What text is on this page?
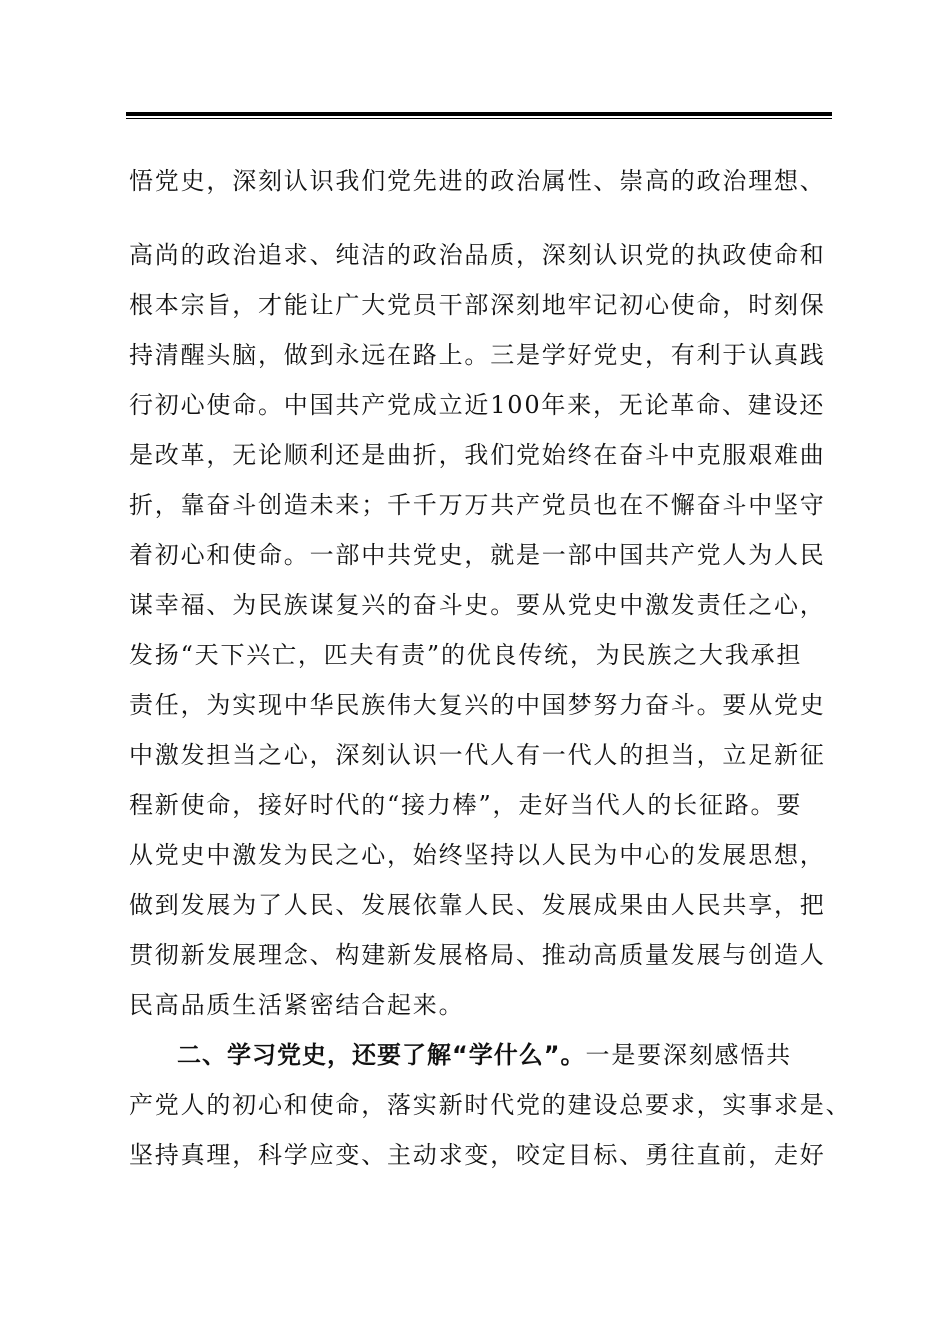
悟党史，深刻认识我们党先进的政治属性、崇高的政治理想、
高尚的政治追求、纯洁的政治品质，深刻认识党的执政使命和
根本宗旨，才能让广大党员干部深刻地牢记初心使命，时刻保
持清醒头脑，做到永远在路上。三是学好党史，有利于认真践
行初心使命。中国共产党成立近100年来，无论革命、建设还
是改革，无论顺利还是曲折，我们党始终在奋斗中克服艰难曲
折，靠奋斗创造未来；千千万万共产党员也在不懈奋斗中坚守
着初心和使命。一部中共党史，就是一部中国共产党人为人民
谋幸福、为民族谋复兴的奋斗史。要从党史中激发责任之心，
发扬“天下兴亡，匹夫有责”的优良传统，为民族之大我承担
责任，为实现中华民族伟大复兴的中国梦努力奋斗。要从党史
中激发担当之心，深刻认识一代人有一代人的担当，立足新征
程新使命，接好时代的“接力棒”，走好当代人的长征路。要
从党史中激发为民之心，始终坚持以人民为中心的发展思想，
做到发展为了人民、发展依靠人民、发展成果由人民共享，把
贯彻新发展理念、构建新发展格局、推动高质量发展与创造人
民高品质生活紧密结合起来。
二、学习党史，还要了解“学什么”。一是要深刻感悟共
产党人的初心和使命，落实新时代党的建设总要求，实事求是、
坚持真理，科学应变、主动求变，咬定目标、勇往直前，走好
